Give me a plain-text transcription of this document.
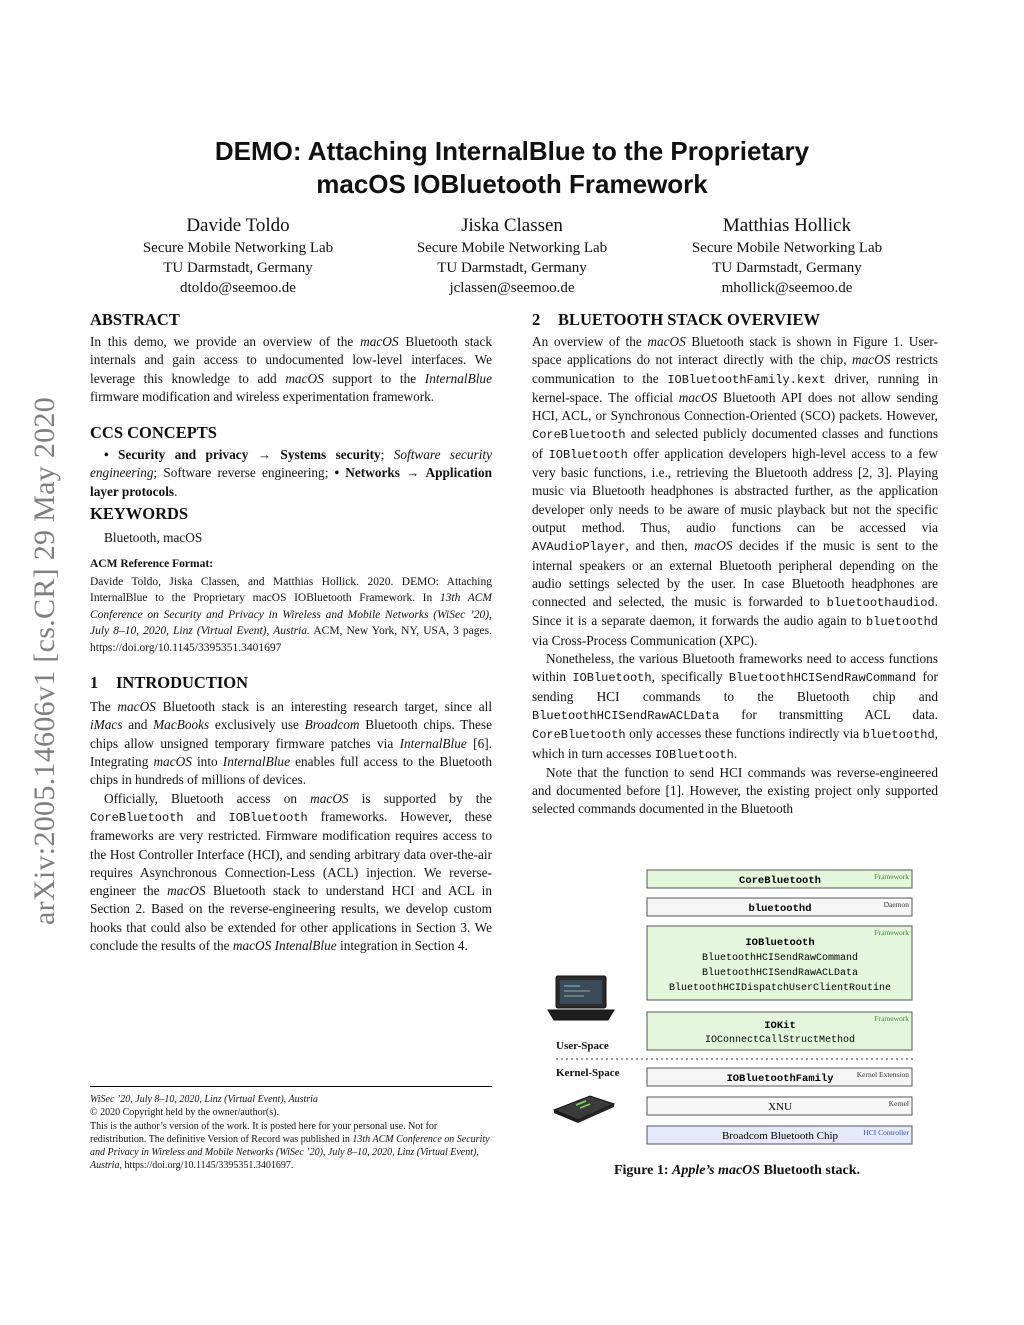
arXiv:2005.14606v1 [cs.CR] 29 May 2020
DEMO: Attaching InternalBlue to the Proprietary
macOS IOBluetooth Framework
Davide Toldo
Secure Mobile Networking Lab
TU Darmstadt, Germany
dtoldo@seemoo.de
Jiska Classen
Secure Mobile Networking Lab
TU Darmstadt, Germany
jclassen@seemoo.de
Matthias Hollick
Secure Mobile Networking Lab
TU Darmstadt, Germany
mhollick@seemoo.de
ABSTRACT

In this demo, we provide an overview of the macOS Bluetooth stack internals and gain access to undocumented low-level interfaces. We leverage this knowledge to add macOS support to the InternalBlue firmware modification and wireless experimentation framework.

CCS CONCEPTS

• Security and privacy → Systems security; Software security engineering; Software reverse engineering; • Networks → Application layer protocols.

KEYWORDS

Bluetooth, macOS

ACM Reference Format:

Davide Toldo, Jiska Classen, and Matthias Hollick. 2020. DEMO: Attaching InternalBlue to the Proprietary macOS IOBluetooth Framework. In 13th ACM Conference on Security and Privacy in Wireless and Mobile Networks (WiSec ’20), July 8–10, 2020, Linz (Virtual Event), Austria. ACM, New York, NY, USA, 3 pages. https://doi.org/10.1145/3395351.3401697

1 INTRODUCTION

The macOS Bluetooth stack is an interesting research target, since all iMacs and MacBooks exclusively use Broadcom Bluetooth chips. These chips allow unsigned temporary firmware patches via InternalBlue [6]. Integrating macOS into InternalBlue enables full access to the Bluetooth chips in hundreds of millions of devices.

Officially, Bluetooth access on macOS is supported by the CoreBluetooth and IOBluetooth frameworks. However, these frameworks are very restricted. Firmware modification requires access to the Host Controller Interface (HCI), and sending arbitrary data over-the-air requires Asynchronous Connection-Less (ACL) injection. We reverse-engineer the macOS Bluetooth stack to understand HCI and ACL in Section 2. Based on the reverse-engineering results, we develop custom hooks that could also be extended for other applications in Section 3. We conclude the results of the macOS IntenalBlue integration in Section 4.

WiSec ’20, July 8–10, 2020, Linz (Virtual Event), Austria
© 2020 Copyright held by the owner/author(s).
This is the author’s version of the work. It is posted here for your personal use. Not for redistribution. The definitive Version of Record was published in 13th ACM Conference on Security and Privacy in Wireless and Mobile Networks (WiSec ’20), July 8–10, 2020, Linz (Virtual Event), Austria, https://doi.org/10.1145/3395351.3401697.
2 BLUETOOTH STACK OVERVIEW

An overview of the macOS Bluetooth stack is shown in Figure 1. User-space applications do not interact directly with the chip, macOS restricts communication to the IOBluetoothFamily.kext driver, running in kernel-space. The official macOS Bluetooth API does not allow sending HCI, ACL, or Synchronous Connection-Oriented (SCO) packets. However, CoreBluetooth and selected publicly documented classes and functions of IOBluetooth offer application developers high-level access to a few very basic functions, i.e., retrieving the Bluetooth address [2, 3]. Playing music via Bluetooth headphones is abstracted further, as the application developer only needs to be aware of music playback but not the specific output method. Thus, audio functions can be accessed via AVAudioPlayer, and then, macOS decides if the music is sent to the internal speakers or an external Bluetooth peripheral depending on the audio settings selected by the user. In case Bluetooth headphones are connected and selected, the music is forwarded to bluetoothaudiod. Since it is a separate daemon, it forwards the audio again to bluetoothd via Cross-Process Communication (XPC).

Nonetheless, the various Bluetooth frameworks need to access functions within IOBluetooth, specifically BluetoothHCISendRawCommand for sending HCI commands to the Bluetooth chip and BluetoothHCISendRawACLData for transmitting ACL data. CoreBluetooth only accesses these functions indirectly via bluetoothd, which in turn accesses IOBluetooth.

Note that the function to send HCI commands was reverse-engineered and documented before [1]. However, the existing project only supported selected commands documented in the Bluetooth

User-Space
Kernel-Space
CoreBluetooth	Framework
bluetoothd	Daemon
IOBluetooth
Framework
BluetoothHCISendRawCommand
BluetoothHCISendRawACLData
BluetoothHCIDispatchUserClientRoutine
IOKit
Framework
IOConnectCallStructMethod
IOBluetoothFamily	Kernel Extension
XNU	Kernel
Broadcom Bluetooth Chip	HCI Controller
Figure 1: Apple’s macOS Bluetooth stack.
